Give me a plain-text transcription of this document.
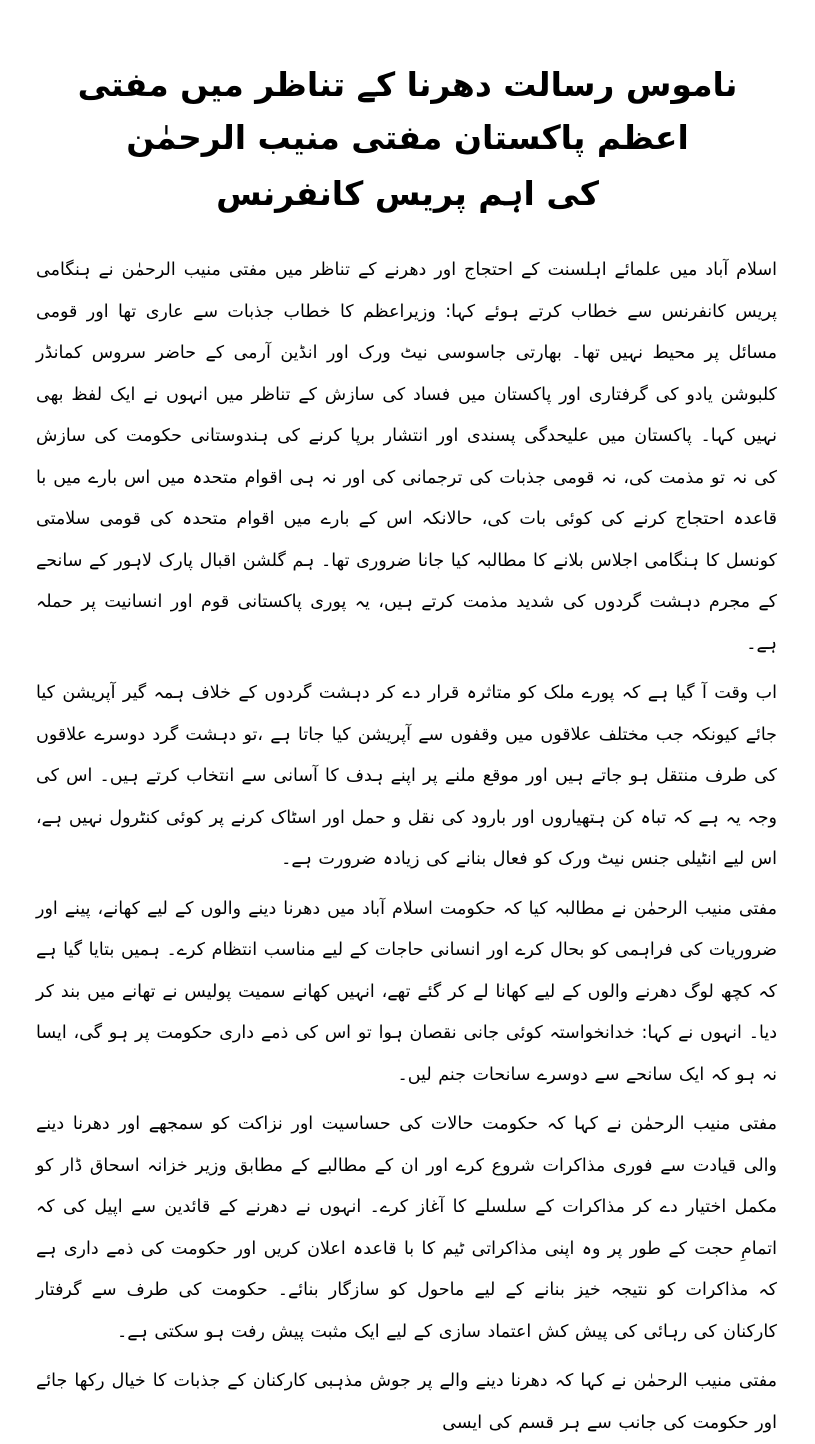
ناموس رسالت دھرنا کے تناظر میں مفتی اعظم پاکستان مفتی منیب الرحمٰن
کی اہم پریس کانفرنس

اسلام آباد میں علمائے اہلسنت کے احتجاج اور دھرنے کے تناظر میں مفتی منیب الرحمٰن نے ہنگامی پریس کانفرنس سے خطاب کرتے ہوئے کہا: وزیراعظم کا خطاب جذبات سے عاری تھا اور قومی مسائل پر محیط نہیں تھا۔ بھارتی جاسوسی نیٹ ورک اور انڈین آرمی کے حاضر سروس کمانڈر کلبوشن یادو کی گرفتاری اور پاکستان میں فساد کی سازش کے تناظر میں انہوں نے ایک لفظ بھی نہیں کہا۔ پاکستان میں علیحدگی پسندی اور انتشار برپا کرنے کی ہندوستانی حکومت کی سازش کی نہ تو مذمت کی، نہ قومی جذبات کی ترجمانی کی اور نہ ہی اقوام متحدہ میں اس بارے میں با قاعدہ احتجاج کرنے کی کوئی بات کی، حالانکہ اس کے بارے میں اقوام متحدہ کی قومی سلامتی کونسل کا ہنگامی اجلاس بلانے کا مطالبہ کیا جانا ضروری تھا۔ ہم گلشن اقبال پارک لاہور کے سانحے کے مجرم دہشت گردوں کی شدید مذمت کرتے ہیں، یہ پوری پاکستانی قوم اور انسانیت پر حملہ ہے۔

اب وقت آ گیا ہے کہ پورے ملک کو متاثرہ قرار دے کر دہشت گردوں کے خلاف ہمہ گیر آپریشن کیا جائے کیونکہ جب مختلف علاقوں میں وقفوں سے آپریشن کیا جاتا ہے ،تو دہشت گرد دوسرے علاقوں کی طرف منتقل ہو جاتے ہیں اور موقع ملنے پر اپنے ہدف کا آسانی سے انتخاب کرتے ہیں۔ اس کی وجہ یہ ہے کہ تباہ کن ہتھیاروں اور بارود کی نقل و حمل اور اسٹاک کرنے پر کوئی کنٹرول نہیں ہے، اس لیے انٹیلی جنس نیٹ ورک کو فعال بنانے کی زیادہ ضرورت ہے۔

مفتی منیب الرحمٰن نے مطالبہ کیا کہ حکومت اسلام آباد میں دھرنا دینے والوں کے لیے کھانے، پینے اور ضروریات کی فراہمی کو بحال کرے اور انسانی حاجات کے لیے مناسب انتظام کرے۔ ہمیں بتایا گیا ہے کہ کچھ لوگ دھرنے والوں کے لیے کھانا لے کر گئے تھے، انہیں کھانے سمیت پولیس نے تھانے میں بند کر دیا۔ انہوں نے کہا: خدانخواستہ کوئی جانی نقصان ہوا تو اس کی ذمے داری حکومت پر ہو گی، ایسا نہ ہو کہ ایک سانحے سے دوسرے سانحات جنم لیں۔

مفتی منیب الرحمٰن نے کہا کہ حکومت حالات کی حساسیت اور نزاکت کو سمجھے اور دھرنا دینے والی قیادت سے فوری مذاکرات شروع کرے اور ان کے مطالبے کے مطابق وزیر خزانہ اسحاق ڈار کو مکمل اختیار دے کر مذاکرات کے سلسلے کا آغاز کرے۔ انہوں نے دھرنے کے قائدین سے اپیل کی کہ اتمامِ حجت کے طور پر وہ اپنی مذاکراتی ٹیم کا با قاعدہ اعلان کریں اور حکومت کی ذمے داری ہے کہ مذاکرات کو نتیجہ خیز بنانے کے لیے ماحول کو سازگار بنائے۔ حکومت کی طرف سے گرفتار کارکنان کی رہائی کی پیش کش اعتماد سازی کے لیے ایک مثبت پیش رفت ہو سکتی ہے۔

مفتی منیب الرحمٰن نے کہا کہ دھرنا دینے والے پر جوش مذہبی کارکنان کے جذبات کا خیال رکھا جائے اور حکومت کی جانب سے ہر قسم کی ایسی
